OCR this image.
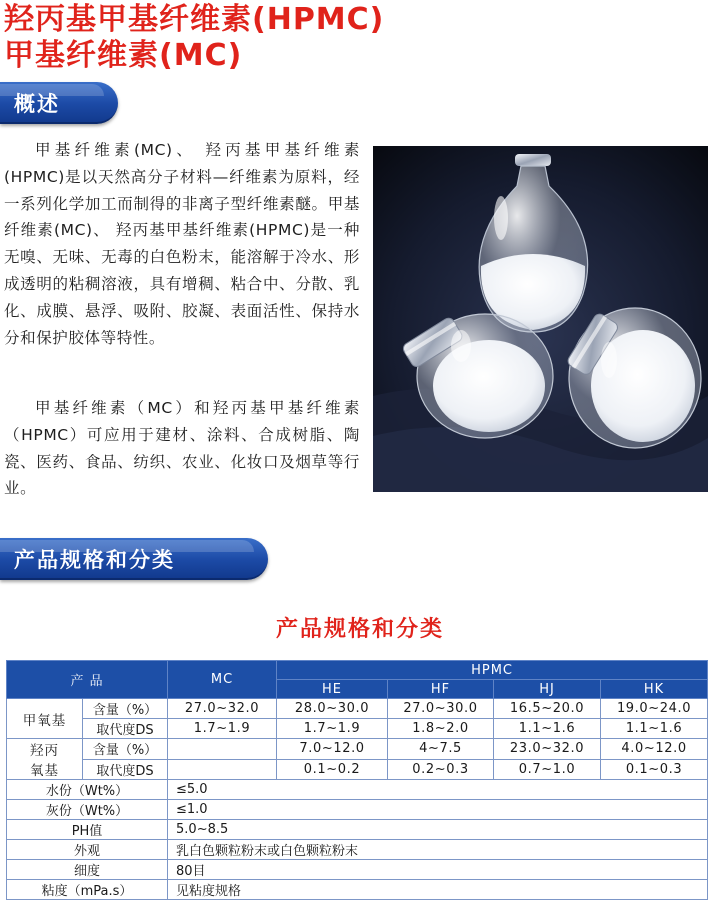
羟丙基甲基纤维素(HPMC)
甲基纤维素(MC)
概述

甲基纤维素(MC)、 羟丙基甲基纤维素(HPMC)是以天然高分子材料—纤维素为原料，经一系列化学加工而制得的非离子型纤维素醚。甲基纤维素(MC)、 羟丙基甲基纤维素(HPMC)是一种无嗅、无味、无毒的白色粉末，能溶解于冷水、形成透明的粘稠溶液，具有增稠、粘合中、分散、乳化、成膜、悬浮、吸附、胶凝、表面活性、保持水分和保护胶体等特性。

甲基纤维素（MC）和羟丙基甲基纤维素（HPMC）可应用于建材、涂料、合成树脂、陶瓷、医药、食品、纺织、农业、化妆口及烟草等行业。

产品规格和分类
产品规格和分类
产 品		MC	HPMC			
			HE	HF	HJ	HK
甲氧基	含量（%）	27.0~32.0	28.0~30.0	27.0~30.0	16.5~20.0	19.0~24.0
	取代度DS	1.7~1.9	1.7~1.9	1.8~2.0	1.1~1.6	1.1~1.6

羟丙
氧基	含量（%）		7.0~12.0	4~7.5	23.0~32.0	4.0~12.0
	取代度DS		0.1~0.2	0.2~0.3	0.7~1.0	0.1~0.3
水份（Wt%）		≤5.0				
灰份（Wt%）		≤1.0				
PH值		5.0~8.5				
外观		乳白色颗粒粉末或白色颗粒粉末				
细度		80目				
粘度（mPa.s）		见粘度规格				
